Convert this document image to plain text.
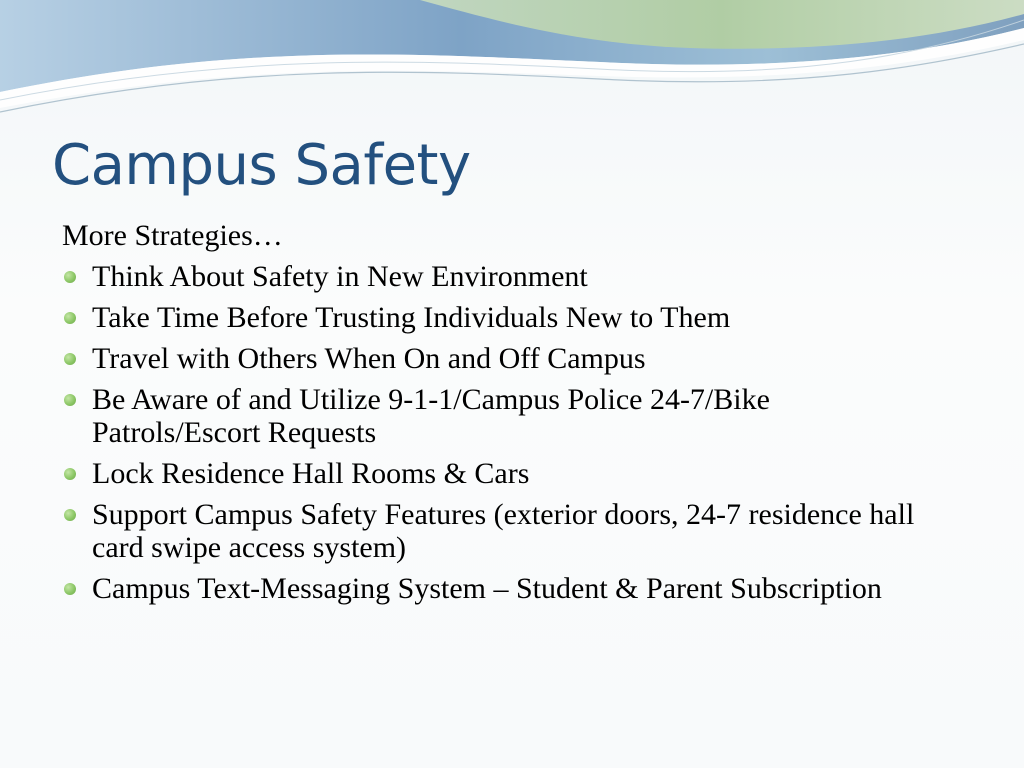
Campus Safety

More Strategies…

Think About Safety in New Environment
Take Time Before Trusting Individuals New to Them
Travel with Others When On and Off Campus
Be Aware of and Utilize 9-1-1/Campus Police 24-7/Bike Patrols/Escort Requests
Lock Residence Hall Rooms & Cars
Support Campus Safety Features (exterior doors, 24-7 residence hall card swipe access system)
Campus Text-Messaging System – Student & Parent Subscription
